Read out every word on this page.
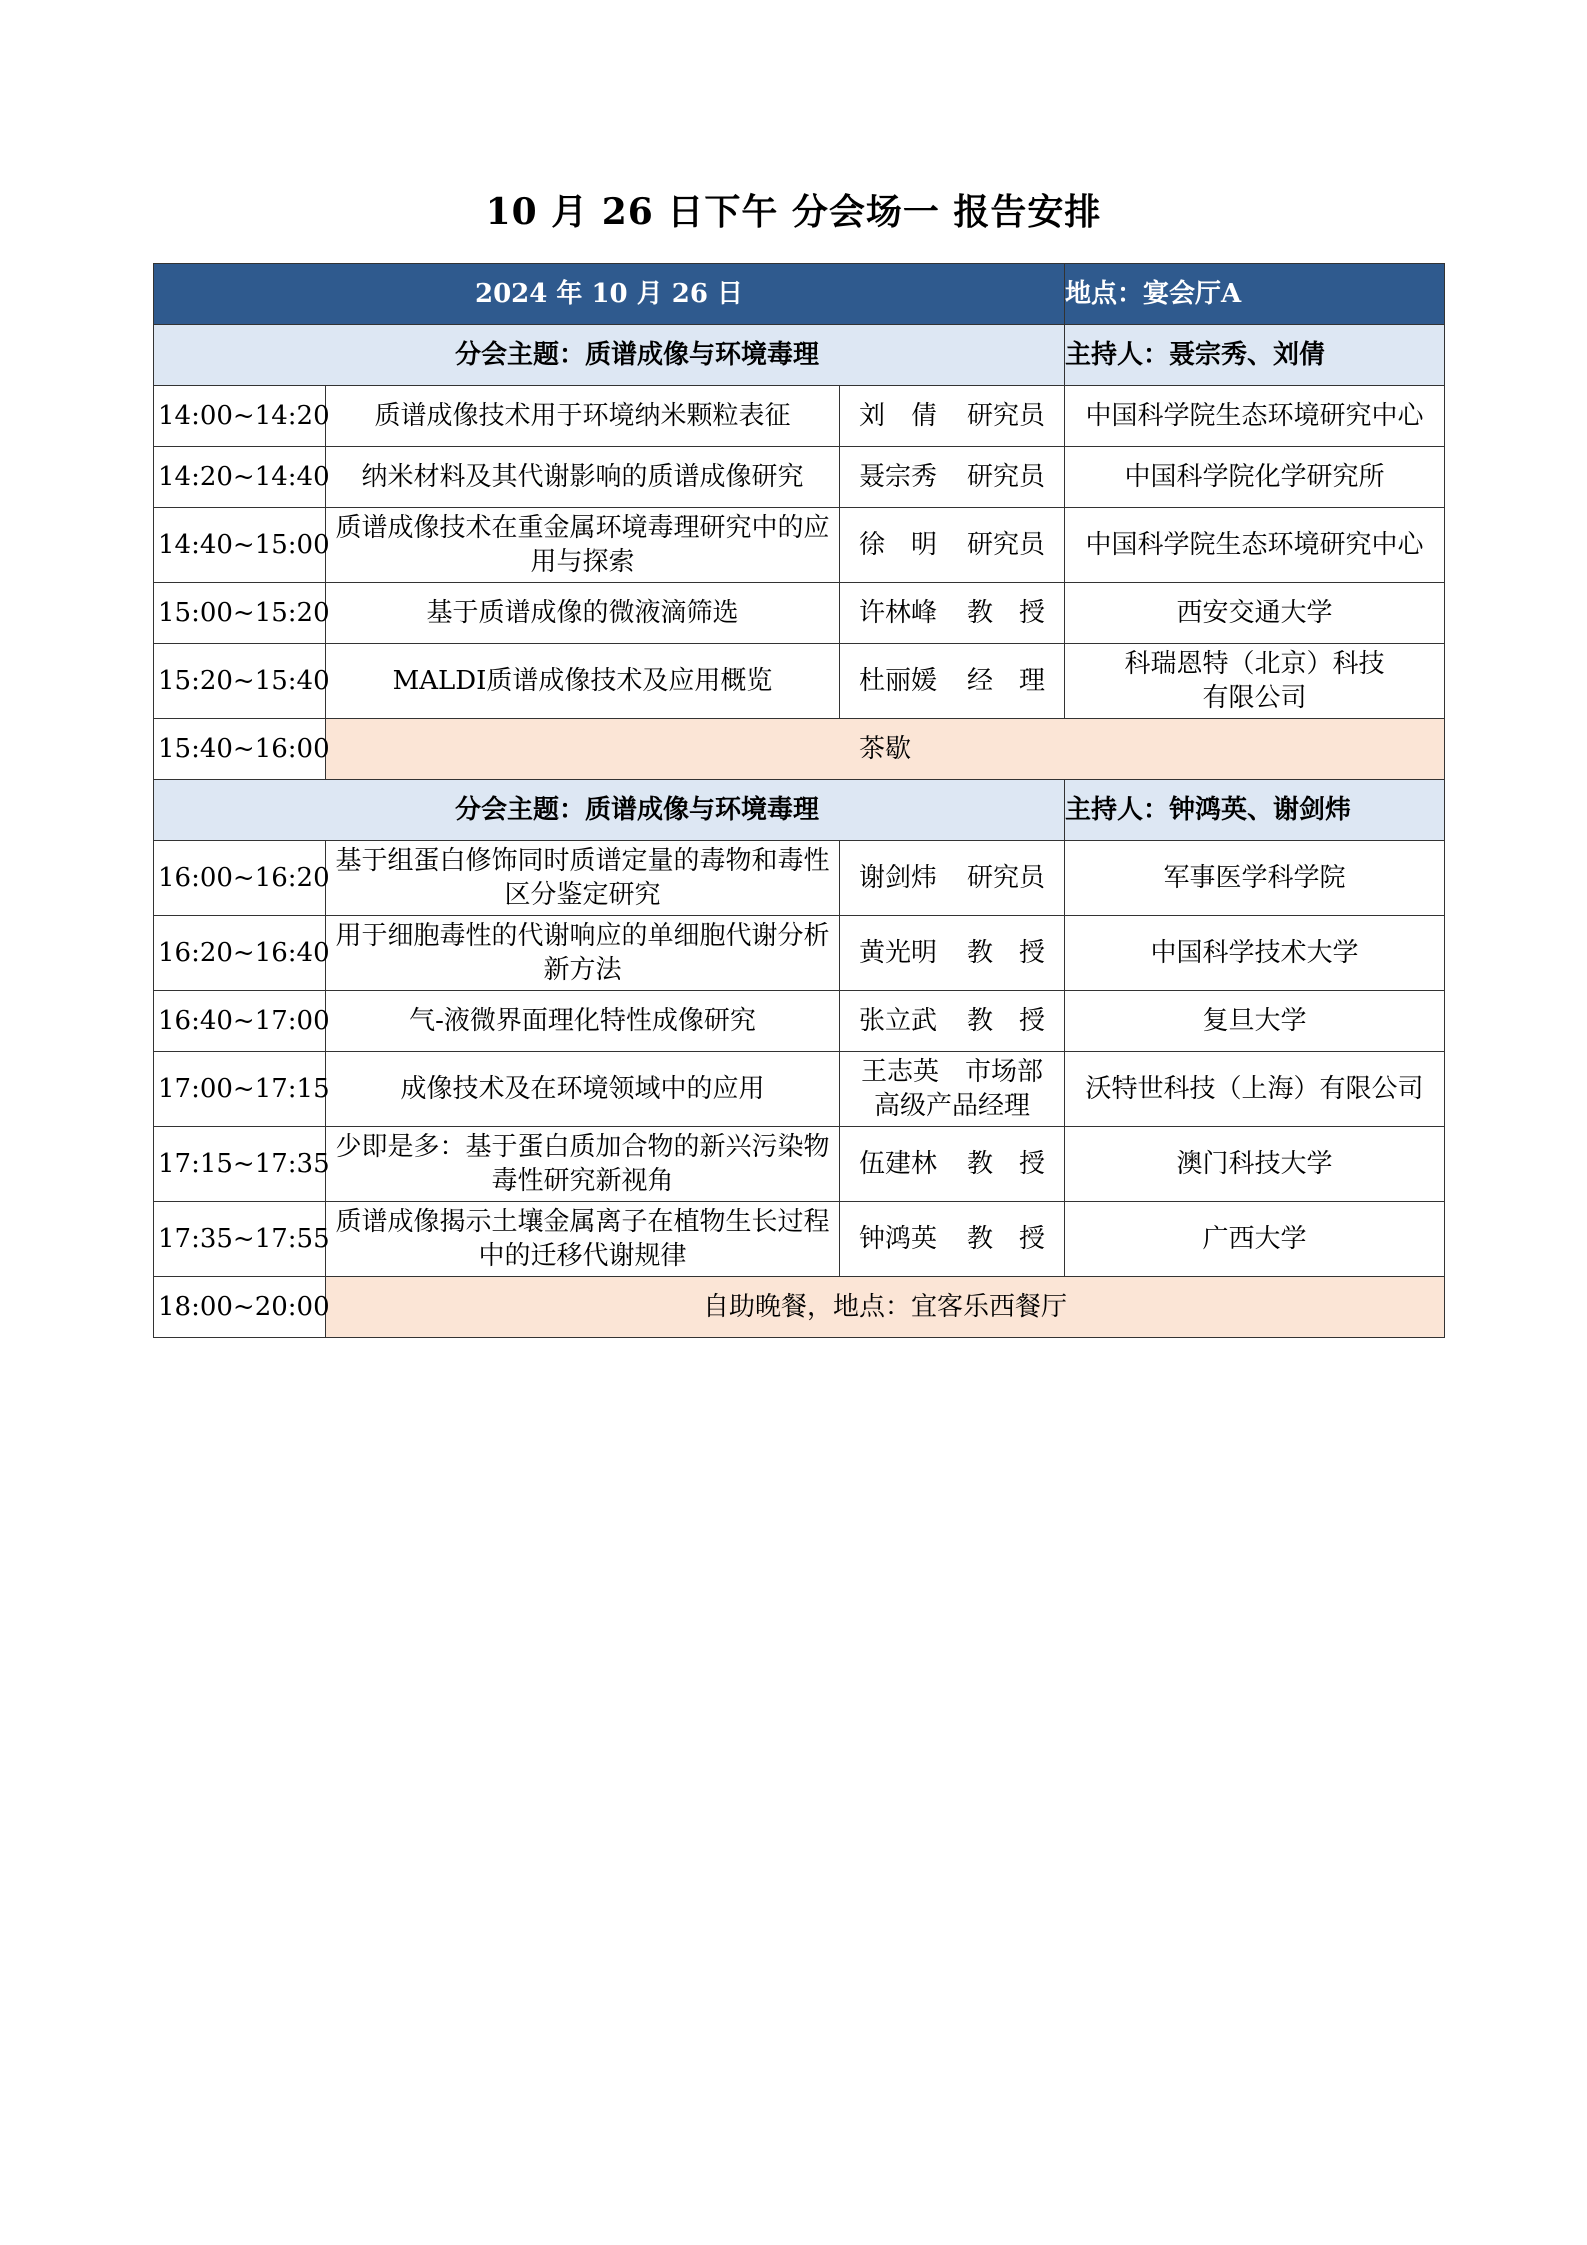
10 月 26 日下午 分会场一 报告安排
2024 年 10 月 26 日			地点：宴会厅A
分会主题：质谱成像与环境毒理			主持人：聂宗秀、刘倩
14:00~14:20	质谱成像技术用于环境纳米颗粒表征	刘　倩 研究员	中国科学院生态环境研究中心
14:20~14:40	纳米材料及其代谢影响的质谱成像研究	聂宗秀 研究员	中国科学院化学研究所
14:40~15:00	质谱成像技术在重金属环境毒理研究中的应用与探索	徐　明 研究员	中国科学院生态环境研究中心
15:00~15:20	基于质谱成像的微液滴筛选	许林峰 教　授	西安交通大学
15:20~15:40	MALDI质谱成像技术及应用概览	杜丽媛 经　理	科瑞恩特（北京）科技有限公司
15:40~16:00	茶歇		
分会主题：质谱成像与环境毒理			主持人：钟鸿英、谢剑炜
16:00~16:20	基于组蛋白修饰同时质谱定量的毒物和毒性区分鉴定研究	谢剑炜 研究员	军事医学科学院
16:20~16:40	用于细胞毒性的代谢响应的单细胞代谢分析新方法	黄光明 教　授	中国科学技术大学
16:40~17:00	气-液微界面理化特性成像研究	张立武 教　授	复旦大学
17:00~17:15	成像技术及在环境领域中的应用	王志英　 市场部高级产品经理	沃特世科技（上海）有限公司
17:15~17:35	少即是多：基于蛋白质加合物的新兴污染物毒性研究新视角	伍建林 教　授	澳门科技大学
17:35~17:55	质谱成像揭示土壤金属离子在植物生长过程中的迁移代谢规律	钟鸿英 教　授	广西大学
18:00~20:00	自助晚餐，地点：宜客乐西餐厅		
